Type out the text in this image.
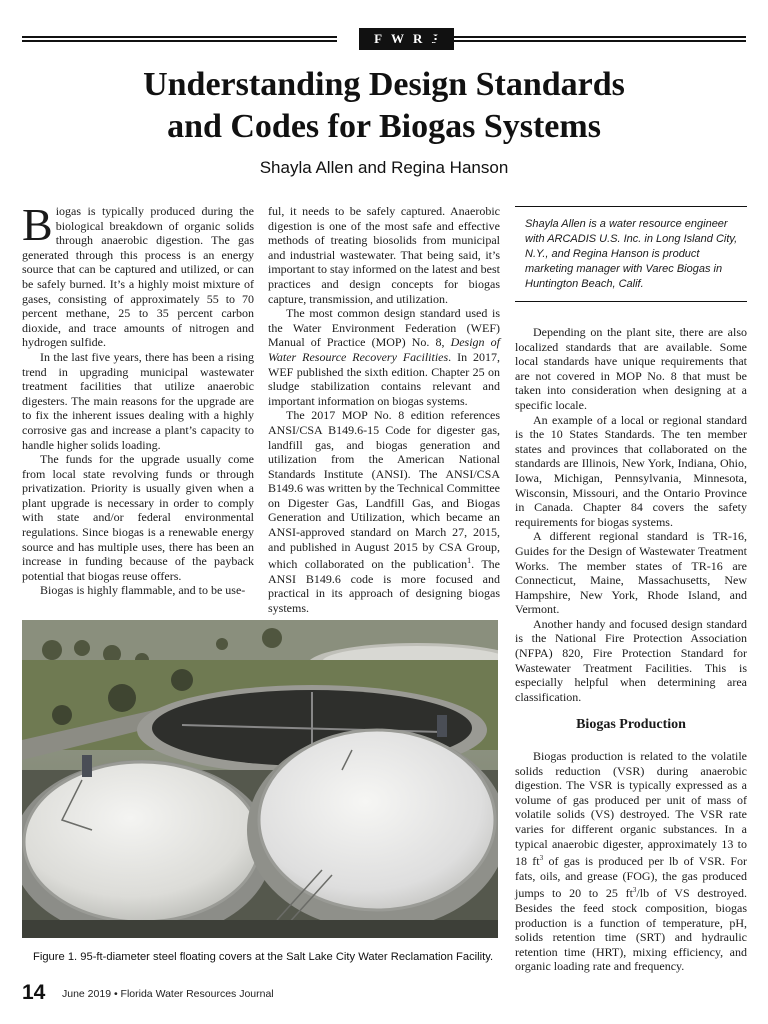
FWRJ
Understanding Design Standards
and Codes for Biogas Systems
Shayla Allen and Regina Hanson

Biogas is typically produced during the biological breakdown of organic solids through anaerobic digestion. The gas generated through this process is an energy source that can be captured and utilized, or can be safely burned. It’s a highly moist mixture of gases, consisting of approximately 55 to 70 percent methane, 25 to 35 percent carbon dioxide, and trace amounts of nitrogen and hydrogen sulfide.

In the last five years, there has been a rising trend in upgrading municipal wastewater treatment facilities that utilize anaerobic digesters. The main reasons for the upgrade are to fix the inherent issues dealing with a highly corrosive gas and increase a plant’s capacity to handle higher solids loading.

The funds for the upgrade usually come from local state revolving funds or through privatization. Priority is usually given when a plant upgrade is necessary in order to comply with state and/or federal environmental regulations. Since biogas is a renewable energy source and has multiple uses, there has been an increase in funding because of the payback potential that biogas reuse offers.

Biogas is highly flammable, and to be use-

ful, it needs to be safely captured. Anaerobic digestion is one of the most safe and effective methods of treating biosolids from municipal and industrial wastewater. That being said, it’s important to stay informed on the latest and best practices and design concepts for biogas capture, transmission, and utilization.

The most common design standard used is the Water Environment Federation (WEF) Manual of Practice (MOP) No. 8, Design of Water Resource Recovery Facilities. In 2017, WEF published the sixth edition. Chapter 25 on sludge stabilization contains relevant and important information on biogas systems.

The 2017 MOP No. 8 edition references ANSI/CSA B149.6-15 Code for digester gas, landfill gas, and biogas generation and utilization from the American National Standards Institute (ANSI). The ANSI/CSA B149.6 was written by the Technical Committee on Digester Gas, Landfill Gas, and Biogas Generation and Utilization, which became an ANSI-approved standard on March 27, 2015, and published in August 2015 by CSA Group, which collaborated on the publication$^1$. The ANSI B149.6 code is more focused and practical in its approach of designing biogas systems.

Shayla Allen is a water resource engineer with ARCADIS U.S. Inc. in Long Island City, N.Y., and Regina Hanson is product marketing manager with Varec Biogas in Huntington Beach, Calif.

Depending on the plant site, there are also localized standards that are available. Some local standards have unique requirements that are not covered in MOP No. 8 that must be taken into consideration when designing at a specific locale.

An example of a local or regional standard is the 10 States Standards. The ten member states and provinces that collaborated on the standards are Illinois, New York, Indiana, Ohio, Iowa, Michigan, Pennsylvania, Minnesota, Wisconsin, Missouri, and the Ontario Province in Canada. Chapter 84 covers the safety requirements for biogas systems.

A different regional standard is TR-16, Guides for the Design of Wastewater Treatment Works. The member states of TR-16 are Connecticut, Maine, Massachusetts, New Hampshire, New York, Rhode Island, and Vermont.

Another handy and focused design standard is the National Fire Protection Association (NFPA) 820, Fire Protection Standard for Wastewater Treatment Facilities. This is especially helpful when determining area classification.

Biogas Production

Biogas production is related to the volatile solids reduction (VSR) during anaerobic digestion. The VSR is typically expressed as a volume of gas produced per unit of mass of volatile solids (VS) destroyed. The VSR rate varies for different organic substances. In a typical anaerobic digester, approximately 13 to 18 $ft^3$ of gas is produced per lb of VSR. For fats, oils, and grease (FOG), the gas produced jumps to 20 to 25 $ft^3/lb$ of VS destroyed. Besides the feed stock composition, biogas production is a function of temperature, pH, solids retention time (SRT) and hydraulic retention time (HRT), mixing efficiency, and organic loading rate and frequency.

Figure 1. 95-ft-diameter steel floating covers at the Salt Lake City Water Reclamation Facility.
14 June 2019 • Florida Water Resources Journal
